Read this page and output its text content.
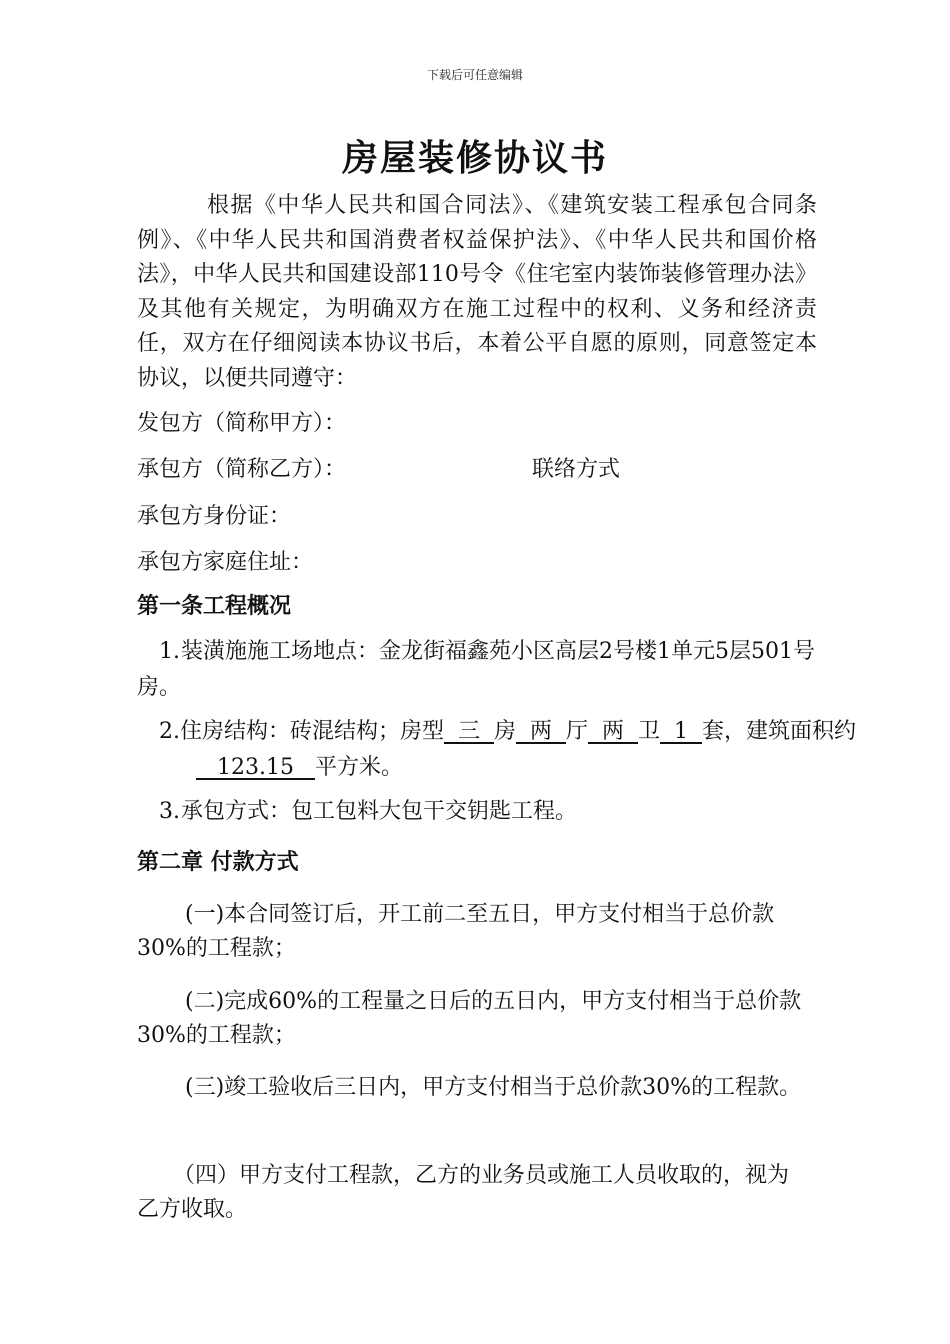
下载后可任意编辑
房屋装修协议书
根据《中华人民共和国合同法》、《建筑安装工程承包合同条例》、《中华人民共和国消费者权益保护法》、《中华人民共和国价格法》，中华人民共和国建设部110号令《住宅室内装饰装修管理办法》及其他有关规定，为明确双方在施工过程中的权利、义务和经济责任，双方在仔细阅读本协议书后，本着公平自愿的原则，同意签定本协议，以便共同遵守：
发包方（简称甲方）：
承包方（简称乙方）：	联络方式
承包方身份证：
承包方家庭住址：
第一条工程概况
1.装潢施施工场地点：金龙街福鑫苑小区高层2号楼1单元5层501号房。
2.住房结构：砖混结构；房型  三  房  两  厅  两  卫  1  套，建筑面积约   123.15   平方米。
3.承包方式：包工包料大包干交钥匙工程。
第二章 付款方式
(一)本合同签订后，开工前二至五日，甲方支付相当于总价款30%的工程款；
(二)完成60%的工程量之日后的五日内，甲方支付相当于总价款30%的工程款；
(三)竣工验收后三日内，甲方支付相当于总价款30%的工程款。
（四）甲方支付工程款，乙方的业务员或施工人员收取的，视为乙方收取。
